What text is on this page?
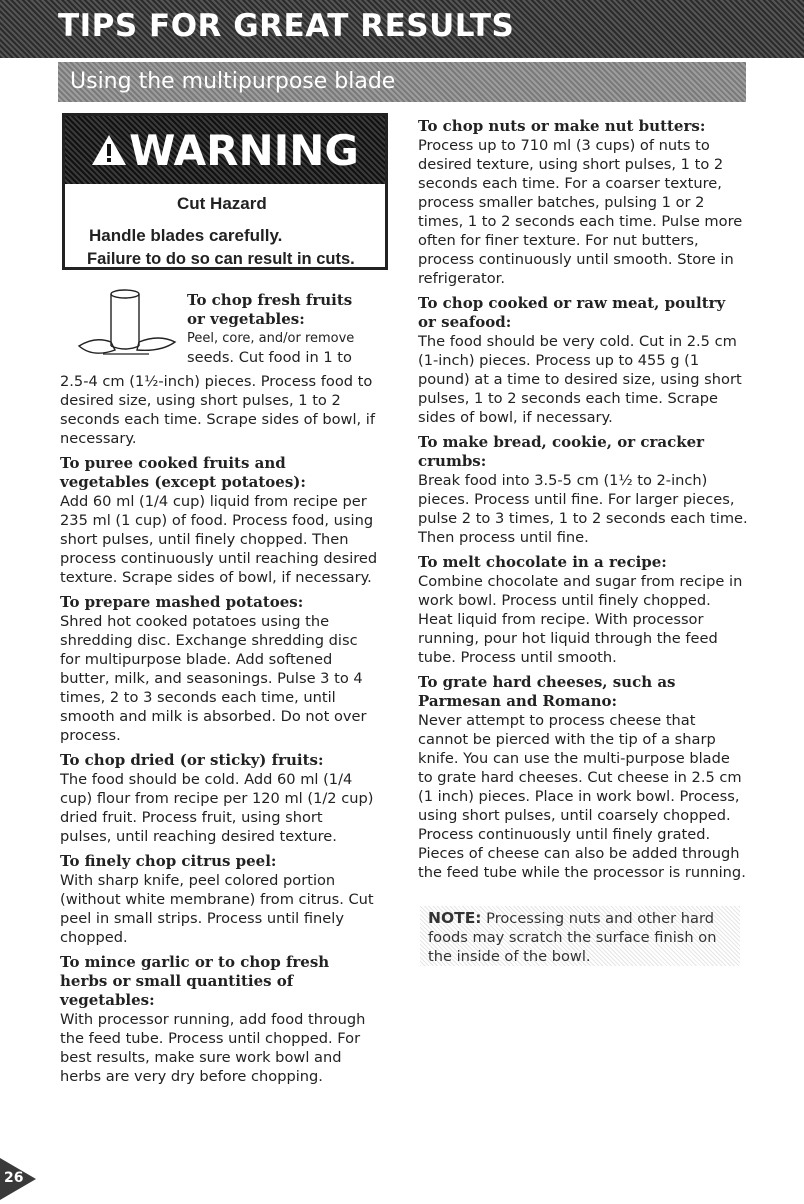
TIPS FOR GREAT RESULTS
Using the multipurpose blade
WARNING
Cut Hazard
Handle blades carefully.
Failure to do so can result in cuts.
To chop fresh fruits
or vegetables:
Peel, core, and/or remove
seeds. Cut food in 1 to

2.5-4 cm (1½-inch) pieces. Process food to desired size, using short pulses, 1 to 2 seconds each time. Scrape sides of bowl, if necessary.

To puree cooked fruits and vegetables (except potatoes):

Add 60 ml (1/4 cup) liquid from recipe per 235 ml (1 cup) of food. Process food, using short pulses, until finely chopped. Then process continuously until reaching desired texture. Scrape sides of bowl, if necessary.

To prepare mashed potatoes:

Shred hot cooked potatoes using the shredding disc. Exchange shredding disc for multipurpose blade. Add softened butter, milk, and seasonings. Pulse 3 to 4 times, 2 to 3 seconds each time, until smooth and milk is absorbed. Do not over process.

To chop dried (or sticky) fruits:

The food should be cold. Add 60 ml (1/4 cup) flour from recipe per 120 ml (1/2 cup) dried fruit. Process fruit, using short pulses, until reaching desired texture.

To finely chop citrus peel:

With sharp knife, peel colored portion (without white membrane) from citrus. Cut peel in small strips. Process until finely chopped.

To mince garlic or to chop fresh herbs or small quantities of vegetables:

With processor running, add food through the feed tube. Process until chopped. For best results, make sure work bowl and herbs are very dry before chopping.

To chop nuts or make nut butters:

Process up to 710 ml (3 cups) of nuts to desired texture, using short pulses, 1 to 2 seconds each time. For a coarser texture, process smaller batches, pulsing 1 or 2 times, 1 to 2 seconds each time. Pulse more often for finer texture. For nut butters, process continuously until smooth. Store in refrigerator.

To chop cooked or raw meat, poultry or seafood:

The food should be very cold. Cut in 2.5 cm (1-inch) pieces. Process up to 455 g (1 pound) at a time to desired size, using short pulses, 1 to 2 seconds each time. Scrape sides of bowl, if necessary.

To make bread, cookie, or cracker crumbs:

Break food into 3.5-5 cm (1½ to 2-inch) pieces. Process until fine. For larger pieces, pulse 2 to 3 times, 1 to 2 seconds each time. Then process until fine.

To melt chocolate in a recipe:

Combine chocolate and sugar from recipe in work bowl. Process until finely chopped. Heat liquid from recipe. With processor running, pour hot liquid through the feed tube. Process until smooth.

To grate hard cheeses, such as Parmesan and Romano:

Never attempt to process cheese that cannot be pierced with the tip of a sharp knife. You can use the multi-purpose blade to grate hard cheeses. Cut cheese in 2.5 cm (1 inch) pieces. Place in work bowl. Process, using short pulses, until coarsely chopped. Process continuously until finely grated. Pieces of cheese can also be added through the feed tube while the processor is running.

NOTE: Processing nuts and other hard foods may scratch the surface finish on the inside of the bowl.
26
